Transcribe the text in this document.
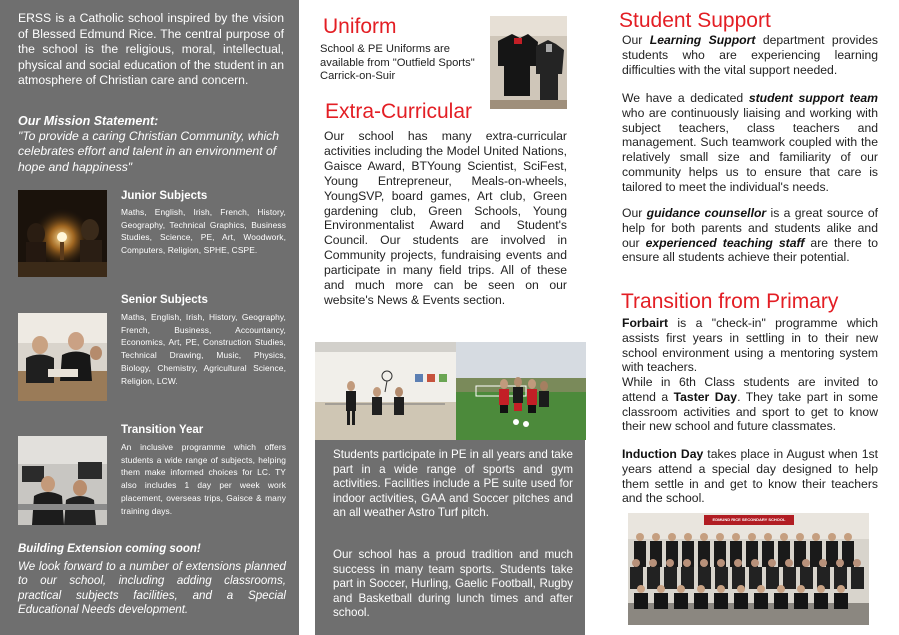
ERSS is a Catholic school inspired by the vision of Blessed Edmund Rice. The central purpose of the school is the religious, moral, intellectual, physical and social education of the student in an atmosphere of Christian care and concern.

Our Mission Statement:

"To provide a caring Christian Community, which celebrates effort and talent in an environment of hope and happiness"

Junior Subjects

Maths, English, Irish, French, History, Geography, Technical Graphics, Business Studies, Science, PE, Art, Woodwork, Computers, Religion, SPHE, CSPE.

Senior Subjects

Maths, English, Irish, History, Geography, French, Business, Accountancy, Economics, Art, PE, Construction Studies, Technical Drawing, Music, Physics, Biology, Chemistry, Agricultural Science, Religion, LCW.

Transition Year

An inclusive programme which offers students a wide range of subjects, helping them make informed choices for LC. TY also includes 1 day per week work placement, overseas trips, Gaisce & many training days.

Building Extension coming soon!

We look forward to a number of extensions planned to our school, including adding classrooms, practical subjects facilities, and a Special Educational Needs development.

Uniform

School & PE Uniforms are available from "Outfield Sports" Carrick-on-Suir

Extra-Curricular

Our school has many extra-curricular activities including the Model United Nations, Gaisce Award, BTYoung Scientist, SciFest, Young Entrepreneur, Meals-on-wheels, YoungSVP, board games, Art club, Green gardening club, Green Schools, Young Environmentalist Award and Student's Council. Our students are involved in Community projects, fundraising events and participate in many field trips. All of these and much more can be seen on our website's News & Events section.

Students participate in PE in all years and take part in a wide range of sports and gym activities. Facilities include a PE suite used for indoor activities, GAA and Soccer pitches and an all weather Astro Turf pitch.

Our school has a proud tradition and much success in many team sports. Students take part in Soccer, Hurling, Gaelic Football, Rugby and Basketball during lunch times and after school.

Student Support

Our Learning Support department provides students who are experiencing learning difficulties with the vital support needed.

We have a dedicated student support team who are continuously liaising and working with subject teachers, class teachers and management. Such teamwork coupled with the relatively small size and familiarity of our community helps us to ensure that care is tailored to meet the individual's needs.

Our guidance counsellor is a great source of help for both parents and students alike and our experienced teaching staff are there to ensure all students achieve their potential.

Transition from Primary

Forbairt is a "check-in" programme which assists first years in settling in to their new school environment using a mentoring system with teachers.

While in 6th Class students are invited to attend a Taster Day. They take part in some classroom activities and sport to get to know their new school and future classmates.

Induction Day takes place in August when 1st years attend a special day designed to help them settle in and get to know their teachers and the school.

EDMUND RICE SECONDARY SCHOOL
